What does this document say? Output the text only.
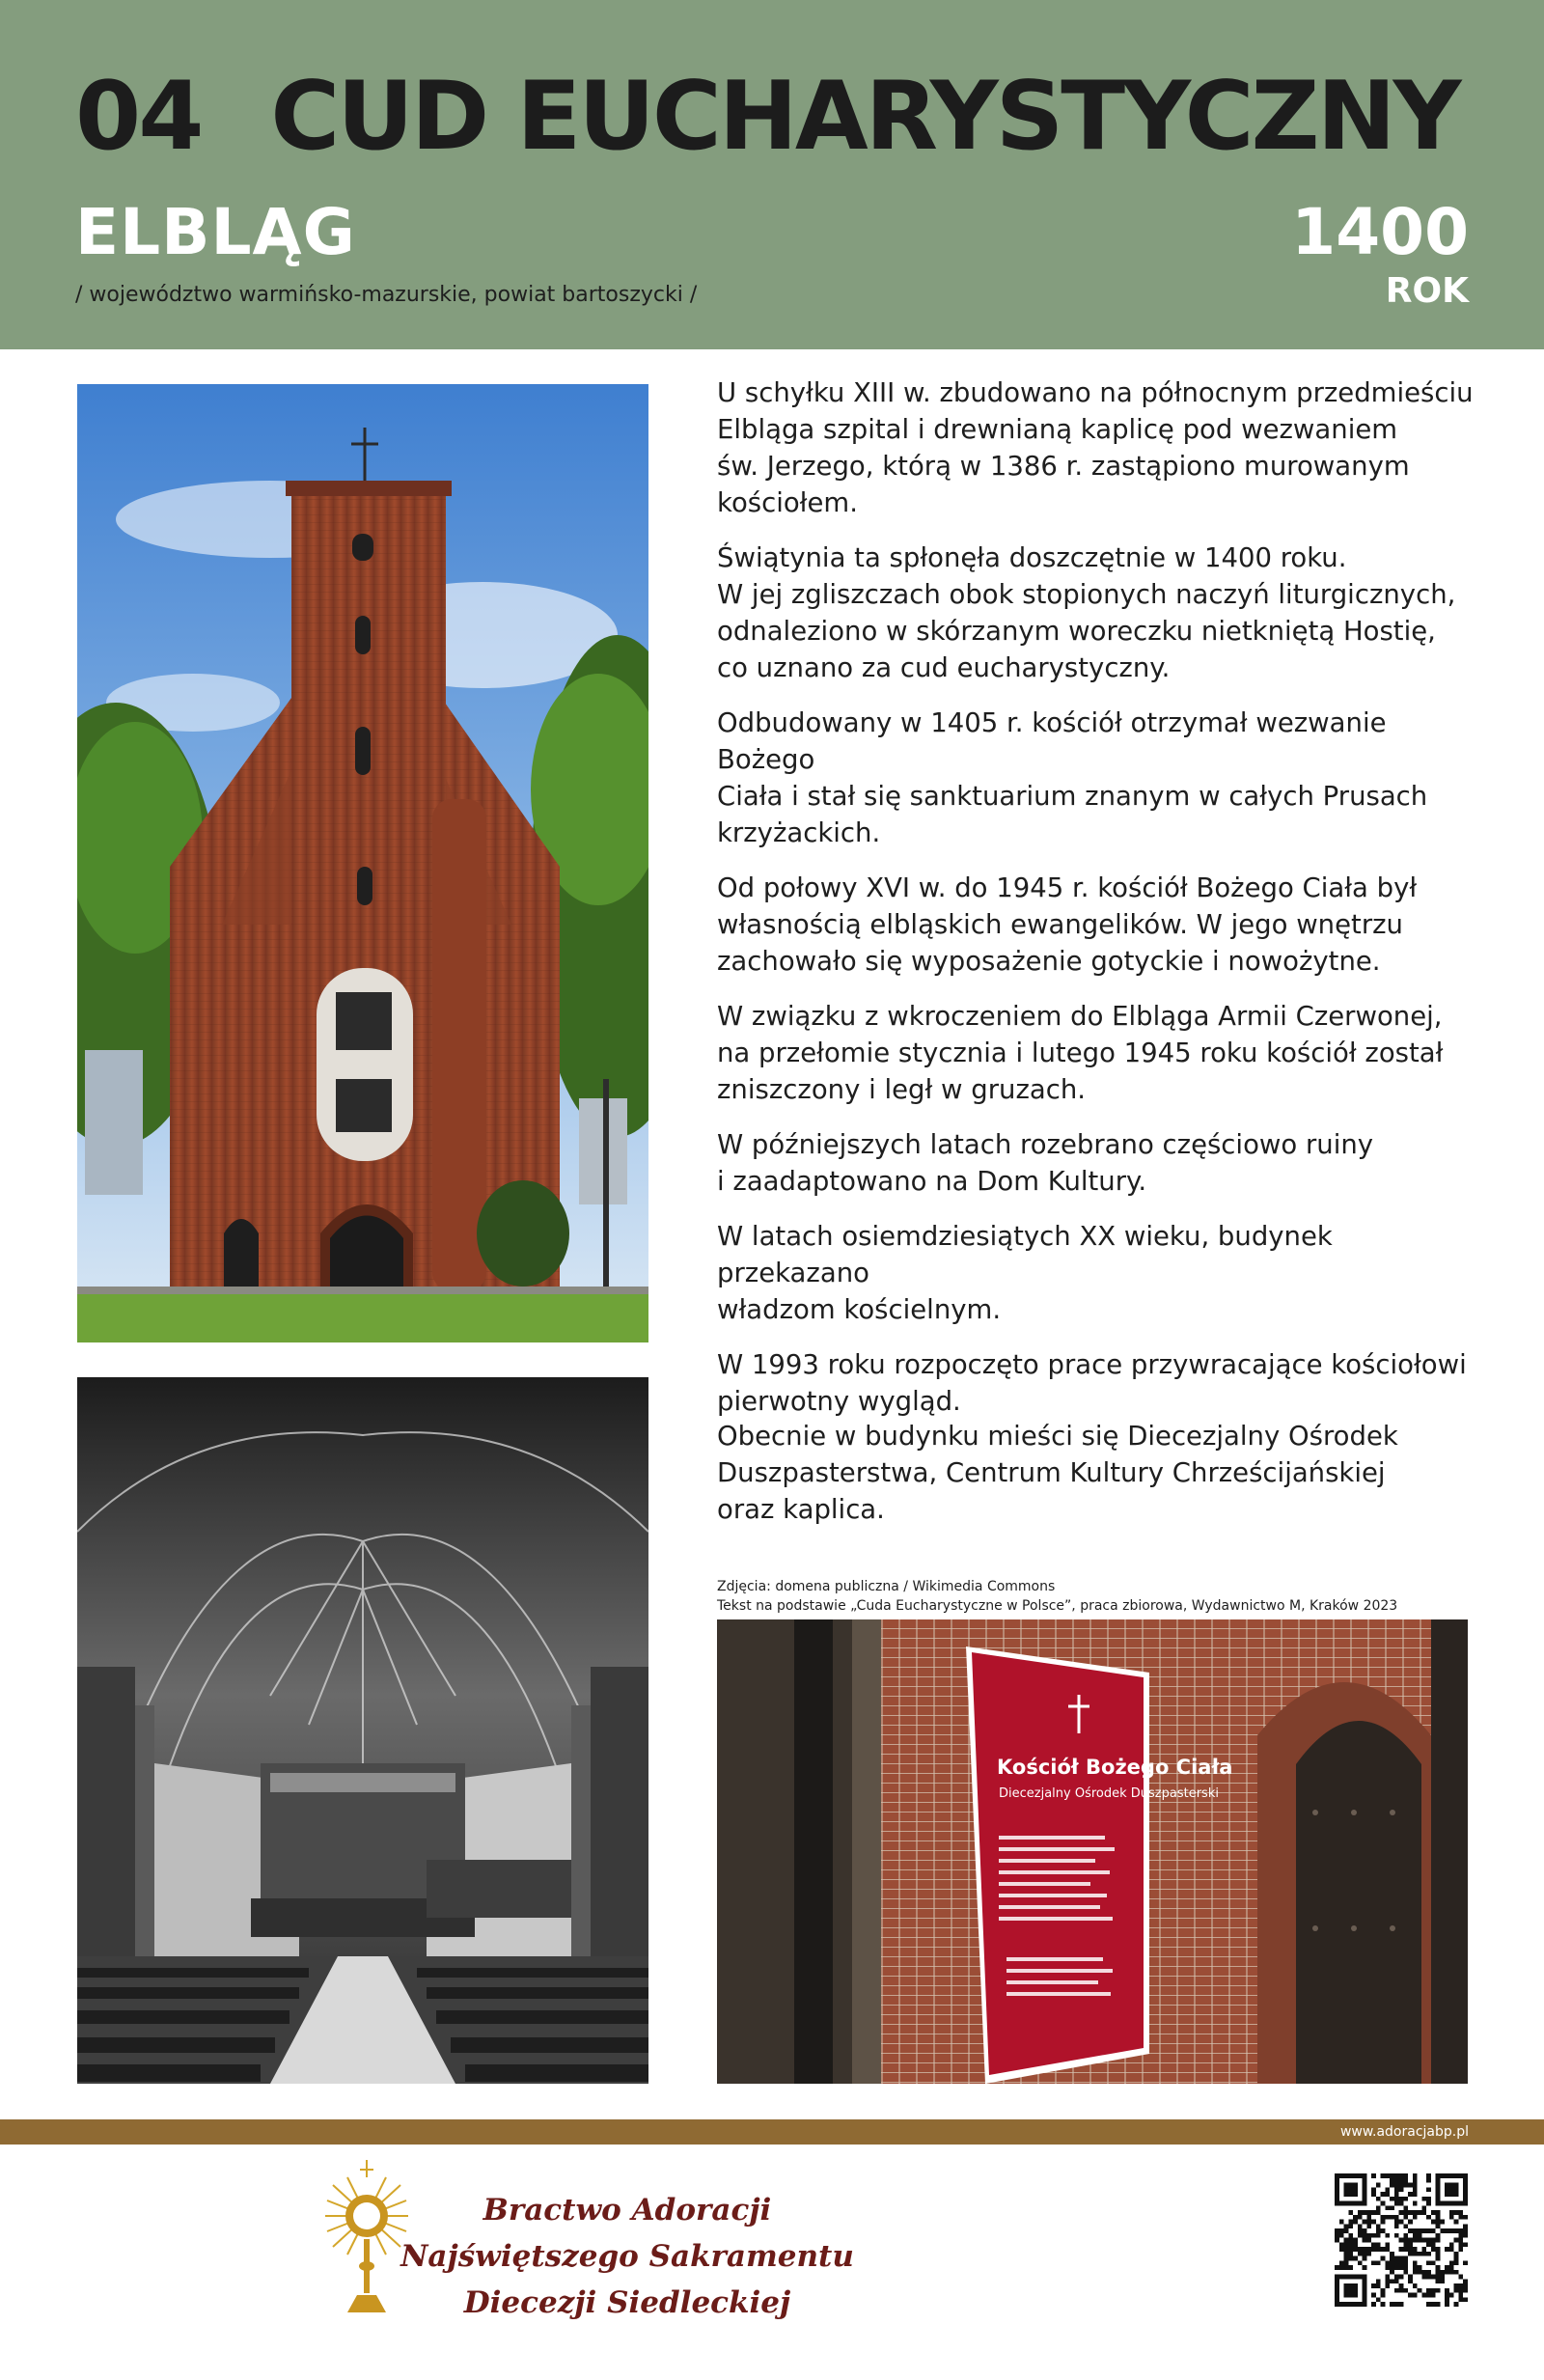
04 CUD EUCHARYSTYCZNY
ELBLĄG
/ województwo warmińsko-mazurskie, powiat bartoszycki /
1400
ROK

U schyłku XIII w. zbudowano na północnym przedmieściu
Elbląga szpital i drewnianą kaplicę pod wezwaniem
św. Jerzego, którą w 1386 r. zastąpiono murowanym
kościołem.

Świątynia ta spłonęła doszczętnie w 1400 roku.
W jej zgliszczach obok stopionych naczyń liturgicznych,
odnaleziono w skórzanym woreczku nietkniętą Hostię,
co uznano za cud eucharystyczny.

Odbudowany w 1405 r. kościół otrzymał wezwanie Bożego
Ciała i stał się sanktuarium znanym w całych Prusach
krzyżackich.

Od połowy XVI w. do 1945 r. kościół Bożego Ciała był
własnością elbląskich ewangelików. W jego wnętrzu
zachowało się wyposażenie gotyckie i nowożytne.

W związku z wkroczeniem do Elbląga Armii Czerwonej,
na przełomie stycznia i lutego 1945 roku kościół został
zniszczony i legł w gruzach.

W późniejszych latach rozebrano częściowo ruiny
i zaadaptowano na Dom Kultury.

W latach osiemdziesiątych XX wieku, budynek przekazano
władzom kościelnym.

W 1993 roku rozpoczęto prace przywracające kościołowi
pierwotny wygląd.

Obecnie w budynku mieści się Diecezjalny Ośrodek
Duszpasterstwa, Centrum Kultury Chrześcijańskiej
oraz kaplica.

Zdjęcia: domena publiczna / Wikimedia Commons
Tekst na podstawie „Cuda Eucharystyczne w Polsce”, praca zbiorowa, Wydawnictwo M, Kraków 2023
Kościół Bożego Ciała
Diecezjalny Ośrodek Duszpasterski
www.adoracjabp.pl
Bractwo Adoracji Najświętszego Sakramentu
Diecezji Siedleckiej
